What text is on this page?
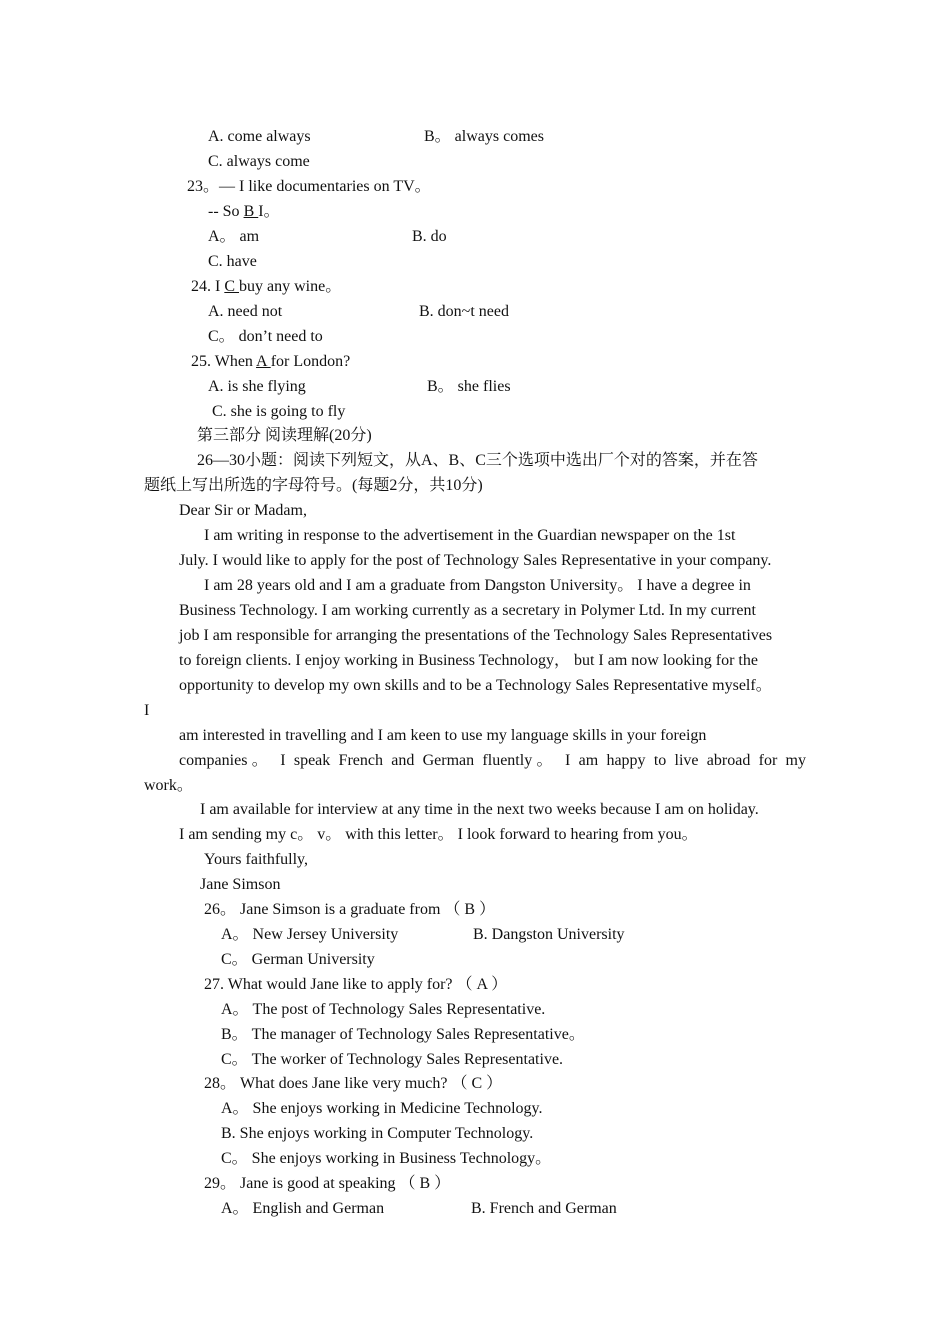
A. come always	B。 always comes
C. always come
23。— I like documentaries on TV。
-- So B I。
A。 am	B. do
C. have
24. I C buy any wine。
A. need not	B. don~t need
C。 don’t need to
25. When A for London?
A. is she flying	B。 she flies
C. she is going to fly
第三部分 阅读理解(20分)
26—30小题：阅读下列短文，从A、B、C三个选项中选出厂个对的答案，并在答
题纸上写出所选的字母符号。(每题2分，共10分)
Dear Sir or Madam,
I am writing in response to the advertisement in the Guardian newspaper on the 1st
July. I would like to apply for the post of Technology Sales Representative in your company.
I am 28 years old and I am a graduate from Dangston University。 I have a degree in
Business Technology. I am working currently as a secretary in Polymer Ltd. In my current
job I am responsible for arranging the presentations of the Technology Sales Representatives
to foreign clients. I enjoy working in Business Technology， but I am now looking for the
opportunity to develop my own skills and to be a Technology Sales Representative myself。
I
am interested in travelling and I am keen to use my language skills in your foreign
companies。 I speak French and German fluently。 I am happy to live abroad for my
work。
I am available for interview at any time in the next two weeks because I am on holiday.
I am sending my c。 v。 with this letter。 I look forward to hearing from you。
Yours faithfully,
Jane Simson
26。 Jane Simson is a graduate from （ B ）
A。 New Jersey University	B. Dangston University
C。 German University
27. What would Jane like to apply for? （ A ）
A。 The post of Technology Sales Representative.
B。 The manager of Technology Sales Representative。
C。 The worker of Technology Sales Representative.
28。 What does Jane like very much? （ C ）
A。 She enjoys working in Medicine Technology.
B. She enjoys working in Computer Technology.
C。 She enjoys working in Business Technology。
29。 Jane is good at speaking （ B ）
A。 English and German	B. French and German
